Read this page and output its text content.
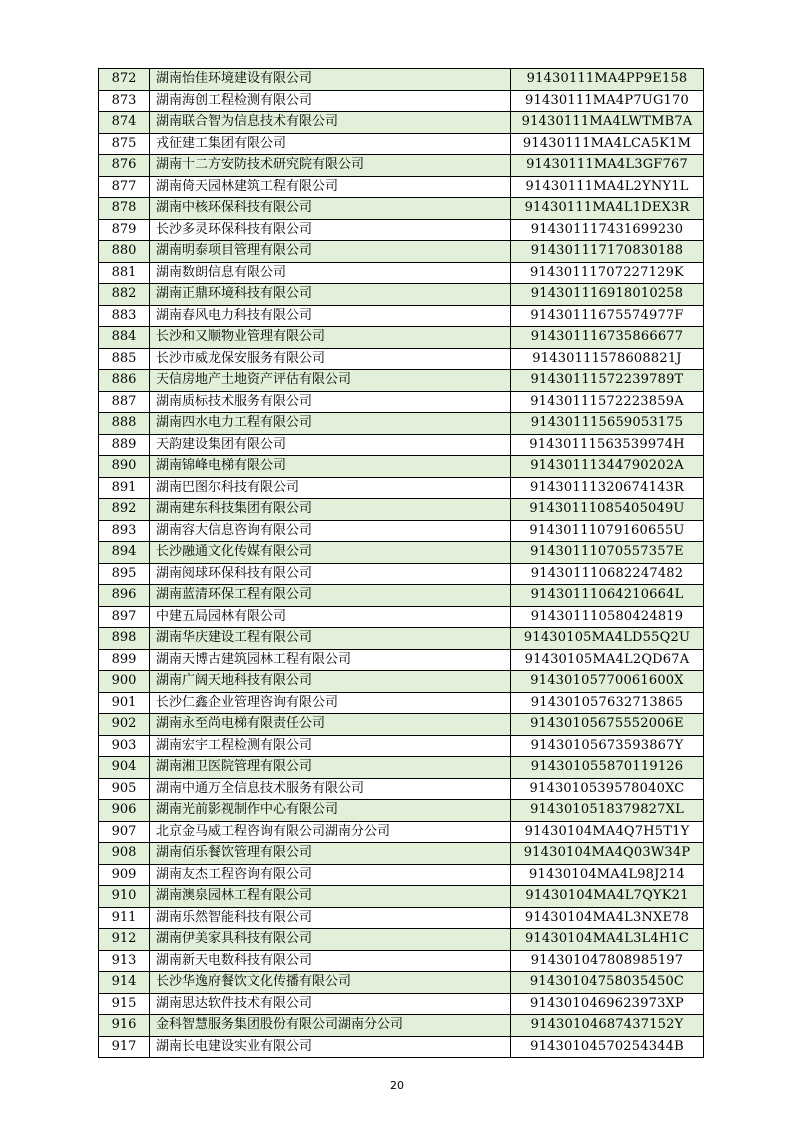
872	湖南怡佳环境建设有限公司	91430111MA4PP9E158
873	湖南海创工程检测有限公司	91430111MA4P7UG170
874	湖南联合智为信息技术有限公司	91430111MA4LWTMB7A
875	戎征建工集团有限公司	91430111MA4LCA5K1M
876	湖南十二方安防技术研究院有限公司	91430111MA4L3GF767
877	湖南倚天园林建筑工程有限公司	91430111MA4L2YNY1L
878	湖南中核环保科技有限公司	91430111MA4L1DEX3R
879	长沙多灵环保科技有限公司	914301117431699230
880	湖南明泰项目管理有限公司	914301117170830188
881	湖南数朗信息有限公司	91430111707227129K
882	湖南正鼎环境科技有限公司	914301116918010258
883	湖南春风电力科技有限公司	91430111675574977F
884	长沙和又顺物业管理有限公司	914301116735866677
885	长沙市威龙保安服务有限公司	91430111578608821J
886	天信房地产土地资产评估有限公司	91430111572239789T
887	湖南质标技术服务有限公司	91430111572223859A
888	湖南四水电力工程有限公司	914301115659053175
889	天韵建设集团有限公司	91430111563539974H
890	湖南锦峰电梯有限公司	91430111344790202A
891	湖南巴图尔科技有限公司	91430111320674143R
892	湖南建东科技集团有限公司	91430111085405049U
893	湖南容大信息咨询有限公司	91430111079160655U
894	长沙融通文化传媒有限公司	91430111070557357E
895	湖南阅球环保科技有限公司	914301110682247482
896	湖南蓝清环保工程有限公司	91430111064210664L
897	中建五局园林有限公司	914301110580424819
898	湖南华庆建设工程有限公司	91430105MA4LD55Q2U
899	湖南天博古建筑园林工程有限公司	91430105MA4L2QD67A
900	湖南广阔天地科技有限公司	91430105770061600X
901	长沙仁鑫企业管理咨询有限公司	914301057632713865
902	湖南永至尚电梯有限责任公司	91430105675552006E
903	湖南宏宇工程检测有限公司	91430105673593867Y
904	湖南湘卫医院管理有限公司	914301055870119126
905	湖南中通万全信息技术服务有限公司	9143010539578040XC
906	湖南光前影视制作中心有限公司	9143010518379827XL
907	北京金马威工程咨询有限公司湖南分公司	91430104MA4Q7H5T1Y
908	湖南佰乐餐饮管理有限公司	91430104MA4Q03W34P
909	湖南友杰工程咨询有限公司	91430104MA4L98J214
910	湖南澳泉园林工程有限公司	91430104MA4L7QYK21
911	湖南乐然智能科技有限公司	91430104MA4L3NXE78
912	湖南伊美家具科技有限公司	91430104MA4L3L4H1C
913	湖南新天电数科技有限公司	914301047808985197
914	长沙华逸府餐饮文化传播有限公司	91430104758035450C
915	湖南思达软件技术有限公司	9143010469623973XP
916	金科智慧服务集团股份有限公司湖南分公司	91430104687437152Y
917	湖南长电建设实业有限公司	91430104570254344B
20
